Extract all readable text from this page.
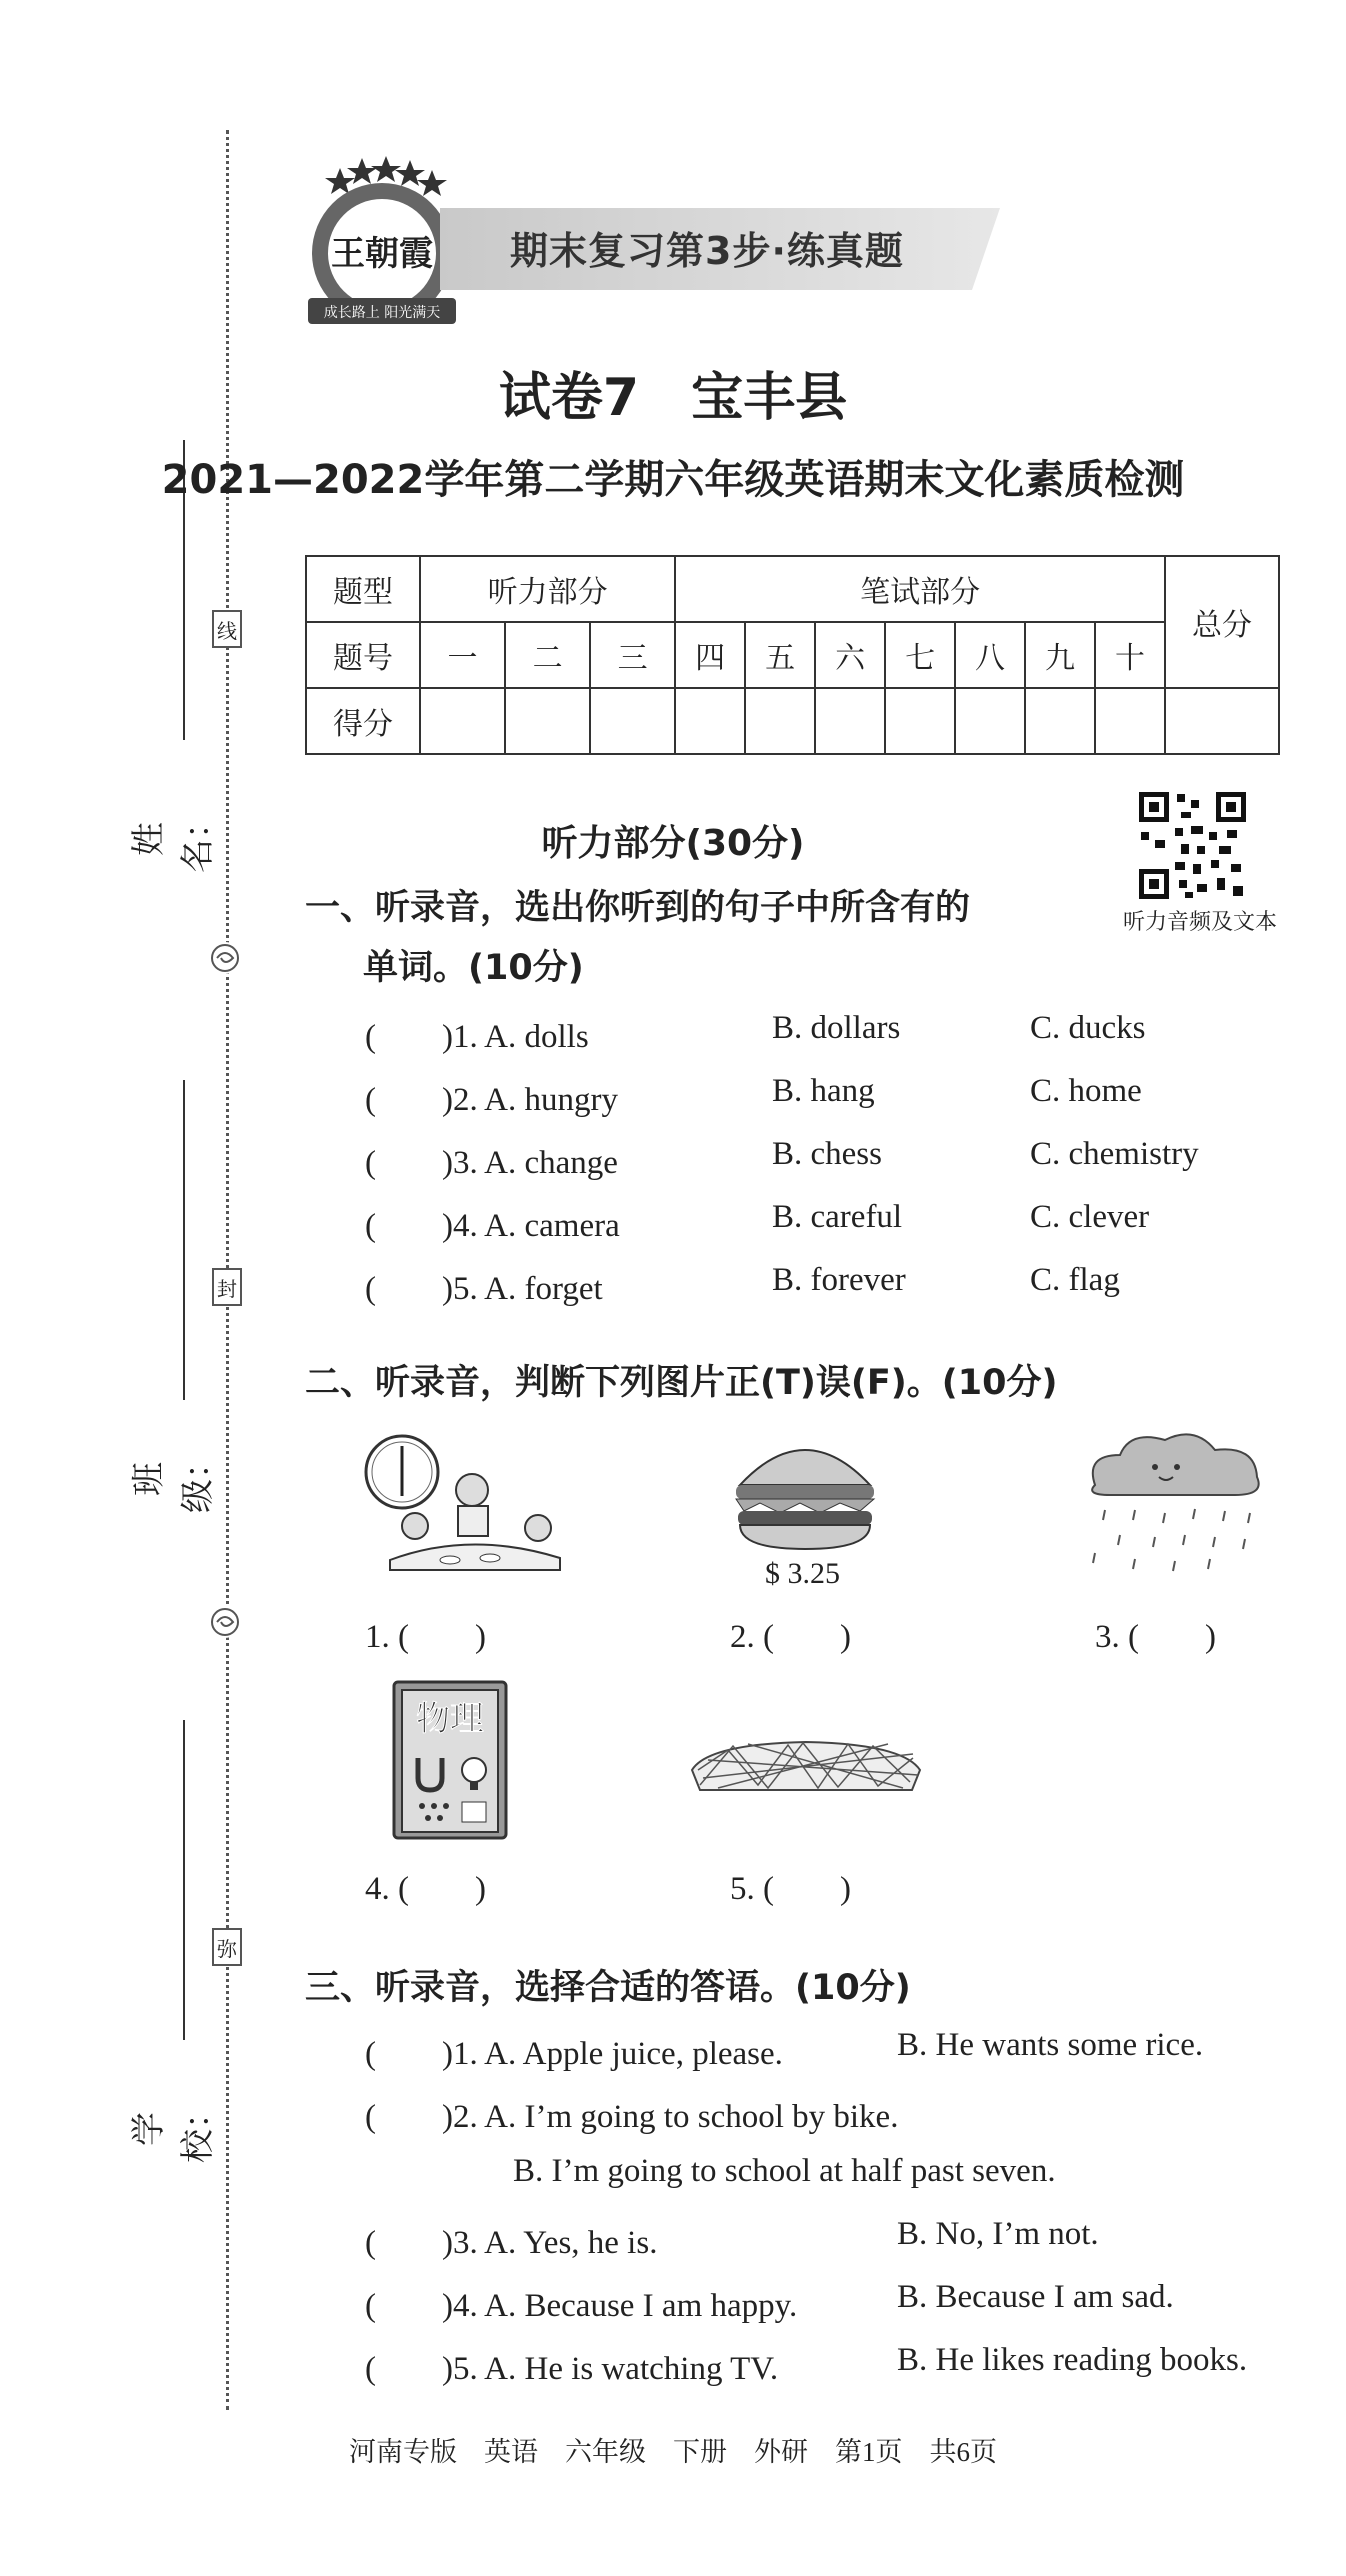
线
封
弥
姓名：
班级：
学校：
王朝霞
成长路上 阳光满天
期末复习第3步·练真题
试卷7　宝丰县
2021—2022学年第二学期六年级英语期末文化素质检测
题型	听力部分			笔试部分							总分
题号	一	二	三	四	五	六	七	八	九	十	
得分											
听力音频及文本
听力部分(30分)
一、听录音，选出你听到的句子中所含有的
单词。(10分)
(　　)1. A. dolls	B. dollars	C. ducks
(　　)2. A. hungry	B. hang	C. home
(　　)3. A. change	B. chess	C. chemistry
(　　)4. A. camera	B. careful	C. clever
(　　)5. A. forget	B. forever	C. flag
二、听录音，判断下列图片正(T)误(F)。(10分)
$ 3.25
1. (　　)	2. (　　)	3. (　　)
物理
4. (　　)	5. (　　)
三、听录音，选择合适的答语。(10分)
(　　)1. A. Apple juice, please.	B. He wants some rice.
(　　)2. A. I’m going to school by bike.
B. I’m going to school at half past seven.
(　　)3. A. Yes, he is.	B. No, I’m not.
(　　)4. A. Because I am happy.	B. Because I am sad.
(　　)5. A. He is watching TV.	B. He likes reading books.
河南专版　英语　六年级　下册　外研　第1页　共6页
